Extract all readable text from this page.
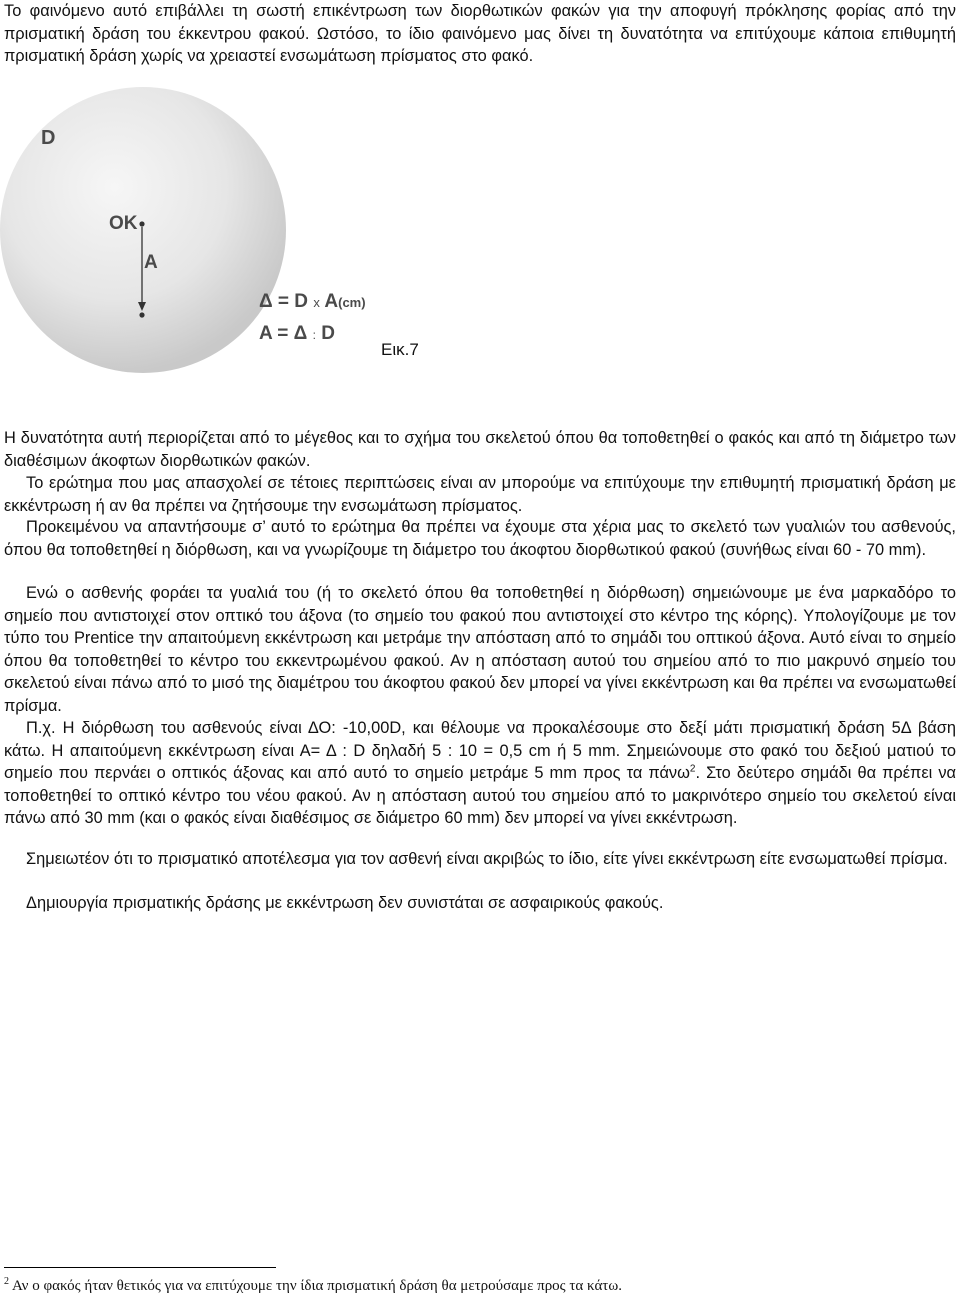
Το φαινόμενο αυτό επιβάλλει τη σωστή επικέντρωση των διορθωτικών φακών για την αποφυγή πρόκλησης φορίας από την πρισματική δράση του έκκεντρου φακού. Ωστόσο, το ίδιο φαινόμενο μας δίνει τη δυνατότητα να επιτύχουμε κάποια επιθυμητή πρισματική δράση χωρίς να χρειαστεί ενσωμάτωση πρίσματος στο φακό.

D
OK
A
Δ = D x A(cm)
A = Δ : D
Εικ.7

Η δυνατότητα αυτή περιορίζεται από το μέγεθος και το σχήμα του σκελετού όπου θα τοποθετηθεί ο φακός και από τη διάμετρο των διαθέσιμων άκοφτων διορθωτικών φακών.

Το ερώτημα που μας απασχολεί σε τέτοιες περιπτώσεις είναι αν μπορούμε να επιτύχουμε την επιθυμητή πρισματική δράση με εκκέντρωση ή αν θα πρέπει να ζητήσουμε την ενσωμάτωση πρίσματος.

Προκειμένου να απαντήσουμε σ’ αυτό το ερώτημα θα πρέπει να έχουμε στα χέρια μας το σκελετό των γυαλιών του ασθενούς, όπου θα τοποθετηθεί η διόρθωση, και να γνωρίζουμε τη διάμετρο του άκοφτου διορθωτικού φακού (συνήθως είναι 60 - 70 mm).

Ενώ ο ασθενής φοράει τα γυαλιά του (ή το σκελετό όπου θα τοποθετηθεί η διόρθωση) σημειώνουμε με ένα μαρκαδόρο το σημείο που αντιστοιχεί στον οπτικό του άξονα (το σημείο του φακού που αντιστοιχεί στο κέντρο της κόρης). Υπολογίζουμε με τον τύπο του Prentice την απαιτούμενη εκκέντρωση και μετράμε την απόσταση από το σημάδι του οπτικού άξονα. Αυτό είναι το σημείο όπου θα τοποθετηθεί το κέντρο του εκκεντρωμένου φακού. Αν η απόσταση αυτού του σημείου από το πιο μακρυνό σημείο του σκελετού είναι πάνω από το μισό της διαμέτρου του άκοφτου φακού δεν μπορεί να γίνει εκκέντρωση και θα πρέπει να ενσωματωθεί πρίσμα.

Π.χ. Η διόρθωση του ασθενούς είναι ΔΟ: -10,00D, και θέλουμε να προκαλέσουμε στο δεξί μάτι πρισματική δράση 5Δ βάση κάτω. Η απαιτούμενη εκκέντρωση είναι Α= Δ : D δηλαδή 5 : 10 = 0,5 cm ή 5 mm. Σημειώνουμε στο φακό του δεξιού ματιού το σημείο που περνάει ο οπτικός άξονας και από αυτό το σημείο μετράμε 5 mm προς τα πάνω$^2$. Στο δεύτερο σημάδι θα πρέπει να τοποθετηθεί το οπτικό κέντρο του νέου φακού. Αν η απόσταση αυτού του σημείου από το μακρινότερο σημείο του σκελετού είναι πάνω από 30 mm (και ο φακός είναι διαθέσιμος σε διάμετρο 60 mm) δεν μπορεί να γίνει εκκέντρωση.

Σημειωτέον ότι το πρισματικό αποτέλεσμα για τον ασθενή είναι ακριβώς το ίδιο, είτε γίνει εκκέντρωση είτε ενσωματωθεί πρίσμα.

Δημιουργία πρισματικής δράσης με εκκέντρωση δεν συνιστάται σε ασφαιρικούς φακούς.

$^2$ Αν ο φακός ήταν θετικός για να επιτύχουμε την ίδια πρισματική δράση θα μετρούσαμε προς τα κάτω.
